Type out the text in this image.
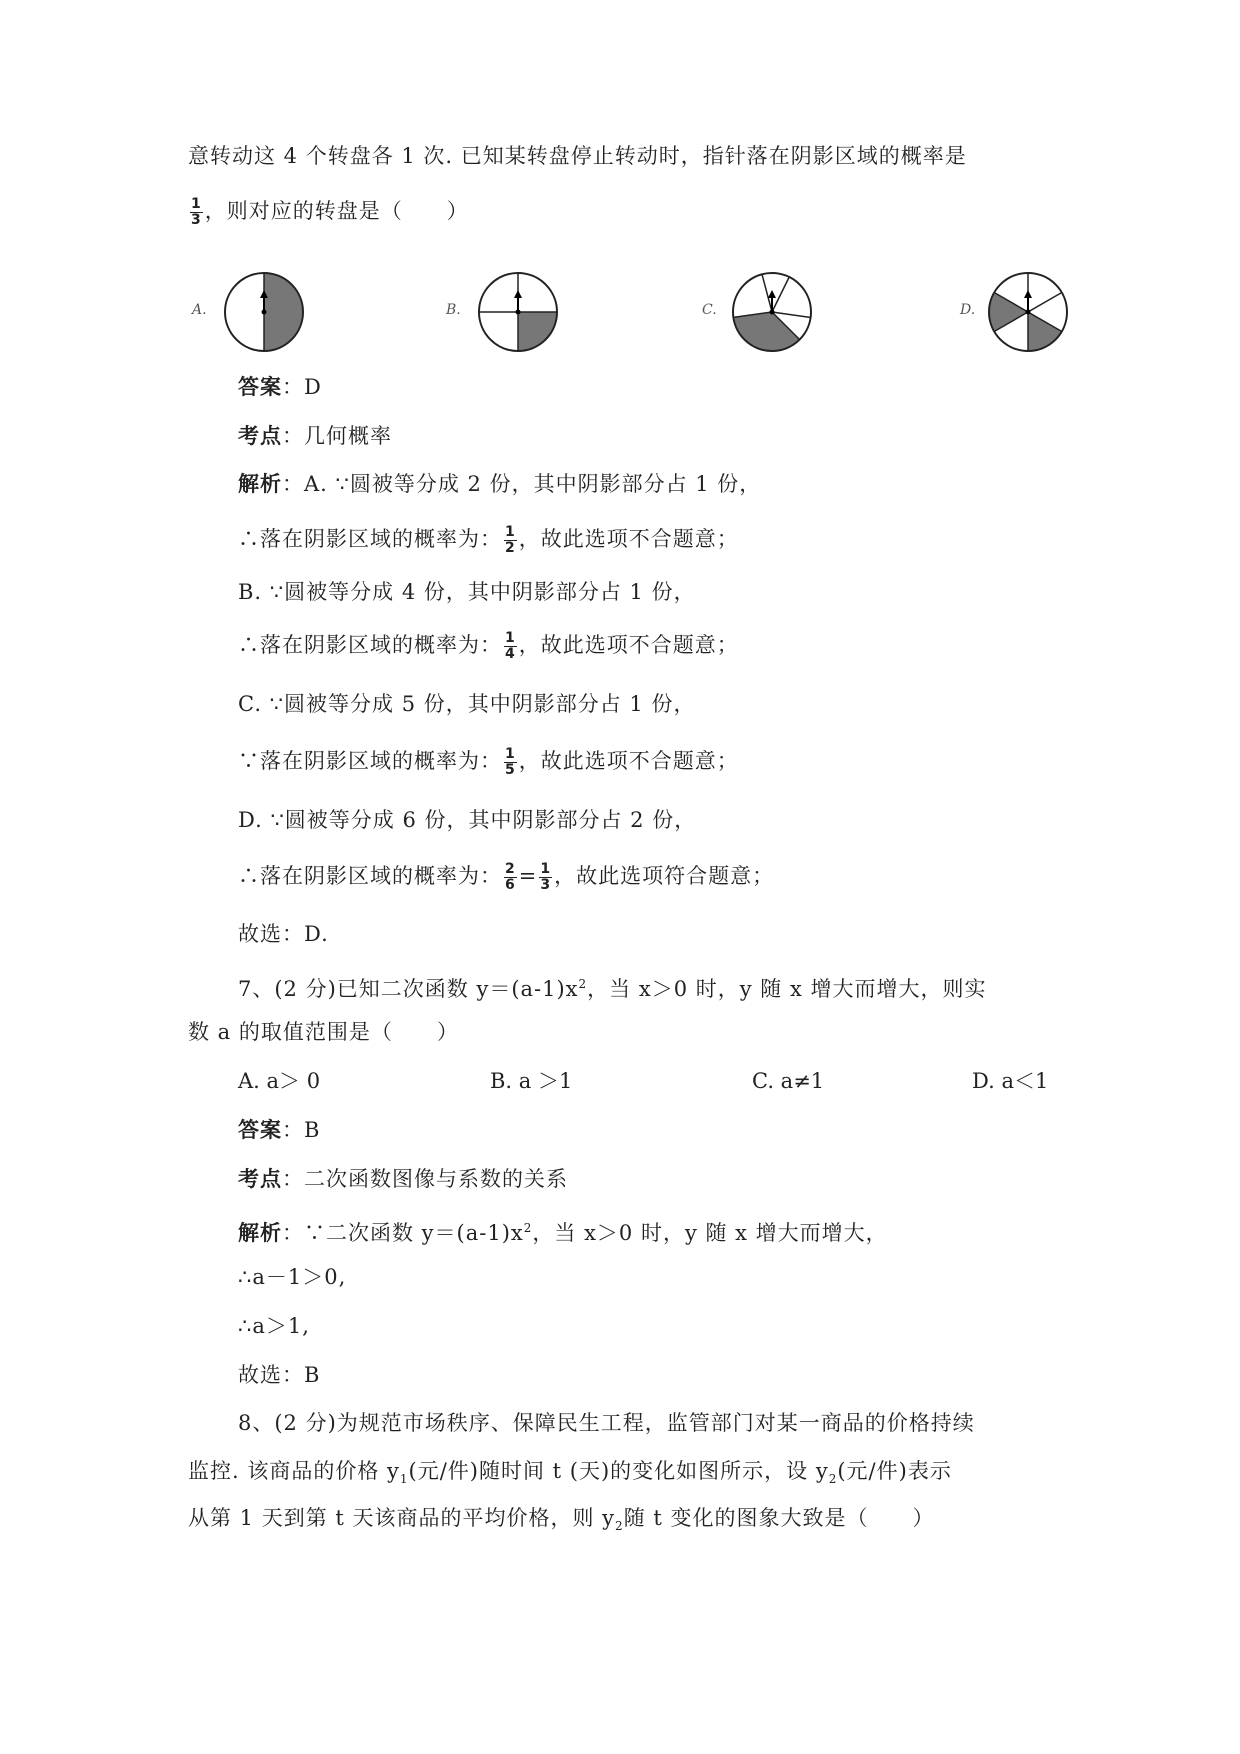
意转动这 4 个转盘各 1 次. 已知某转盘停止转动时，指针落在阴影区域的概率是
$\frac{1}{3}$ ，则对应的转盘是（　　）
A.	B.	C.	D.
答案：D
考点：几何概率
解析：A. ∵圆被等分成 2 份，其中阴影部分占 1 份，
∴落在阴影区域的概率为： $\frac{1}{2}$ ，故此选项不合题意；
B. ∵圆被等分成 4 份，其中阴影部分占 1 份，
∴落在阴影区域的概率为： $\frac{1}{4}$ ，故此选项不合题意；
C. ∵圆被等分成 5 份，其中阴影部分占 1 份，
∵落在阴影区域的概率为： $\frac{1}{5}$ ，故此选项不合题意；
D. ∵圆被等分成 6 份，其中阴影部分占 2 份，
∴落在阴影区域的概率为： $\frac{2}{6} = \frac{1}{3}$ ，故此选项符合题意；
故选：D.
7、(2 分)已知二次函数 $y=(a-1)x^2$，当 x＞0 时，y 随 x 增大而增大，则实
数 a 的取值范围是（　　）
A. a＞ 0	B. a ＞1	C. a≠1	D. a＜1
答案：B
考点：二次函数图像与系数的关系
解析：∵二次函数 $y=(a-1)x^2$，当 x＞0 时，y 随 x 增大而增大，
∴a－1＞0,
∴a＞1,
故选：B
8、(2 分)为规范市场秩序、保障民生工程，监管部门对某一商品的价格持续
监控. 该商品的价格 $y_1$(元/件)随时间 t (天)的变化如图所示，设 $y_2$(元/件)表示
从第 1 天到第 t 天该商品的平均价格，则 $y_2$随 t 变化的图象大致是（　　）
